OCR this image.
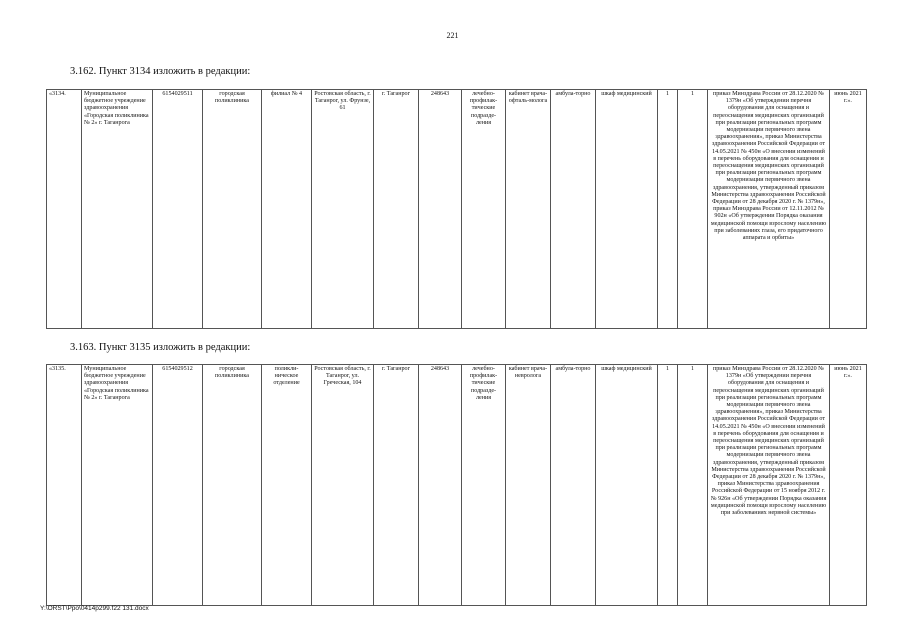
221
3.162. Пункт 3134 изложить в редакции:
«3134.	Муниципальное бюджетное учреждение здравоохранения «Городская поликлиника № 2» г. Таганрога	6154029511	городская поликлиника	филиал № 4	Ростовская область, г. Таганрог, ул. Фрунзе, 61	г. Таганрог	248643	лечебно-профилак-тические подразде-ления	кабинет врача-офталь-молога	амбула-торно	шкаф медицинский	1	1	приказ Минздрава России от 28.12.2020 № 1379н «Об утверждении перечня оборудования для оснащения и переоснащения медицинских организаций при реализации региональных программ модернизации первичного звена здравоохранения», приказ Министерства здравоохранения Российской Федерации от 14.05.2021 № 450н «О внесении изменений в перечень оборудования для оснащения и переоснащения медицинских организаций при реализации региональных программ модернизации первичного звена здравоохранения, утвержденный приказом Министерства здравоохранения Российской Федерации от 28 декабря 2020 г. № 1379н», приказ Минздрава России от 12.11.2012 № 902н «Об утверждении Порядка оказания медицинской помощи взрослому населению при заболеваниях глаза, его придаточного аппарата и орбиты»	июнь 2021 г.».
3.163. Пункт 3135 изложить в редакции:
«3135.	Муниципальное бюджетное учреждение здравоохранения «Городская поликлиника № 2» г. Таганрога	6154029512	городская поликлиника	поликли-ническое отделение	Ростовская область, г. Таганрог, ул. Греческая, 104	г. Таганрог	248643	лечебно-профилак-тические подразде-ления	кабинет врача-невролога	амбула-торно	шкаф медицинский	1	1	приказ Минздрава России от 28.12.2020 № 1379н «Об утверждении перечня оборудования для оснащения и переоснащения медицинских организаций при реализации региональных программ модернизации первичного звена здравоохранения», приказ Министерства здравоохранения Российской Федерации от 14.05.2021 № 450н «О внесении изменений в перечень оборудования для оснащения и переоснащения медицинских организаций при реализации региональных программ модернизации первичного звена здравоохранения, утвержденный приказом Министерства здравоохранения Российской Федерации от 28 декабря 2020 г. № 1379н», приказ Министерства здравоохранения Российской Федерации от 15 ноября 2012 г. № 926н «Об утверждении Порядка оказания медицинской помощи взрослому населению при заболеваниях нервной системы»	июнь 2021 г.».
Y:\ORST\Ppo\0414p299.f22 131.docx
